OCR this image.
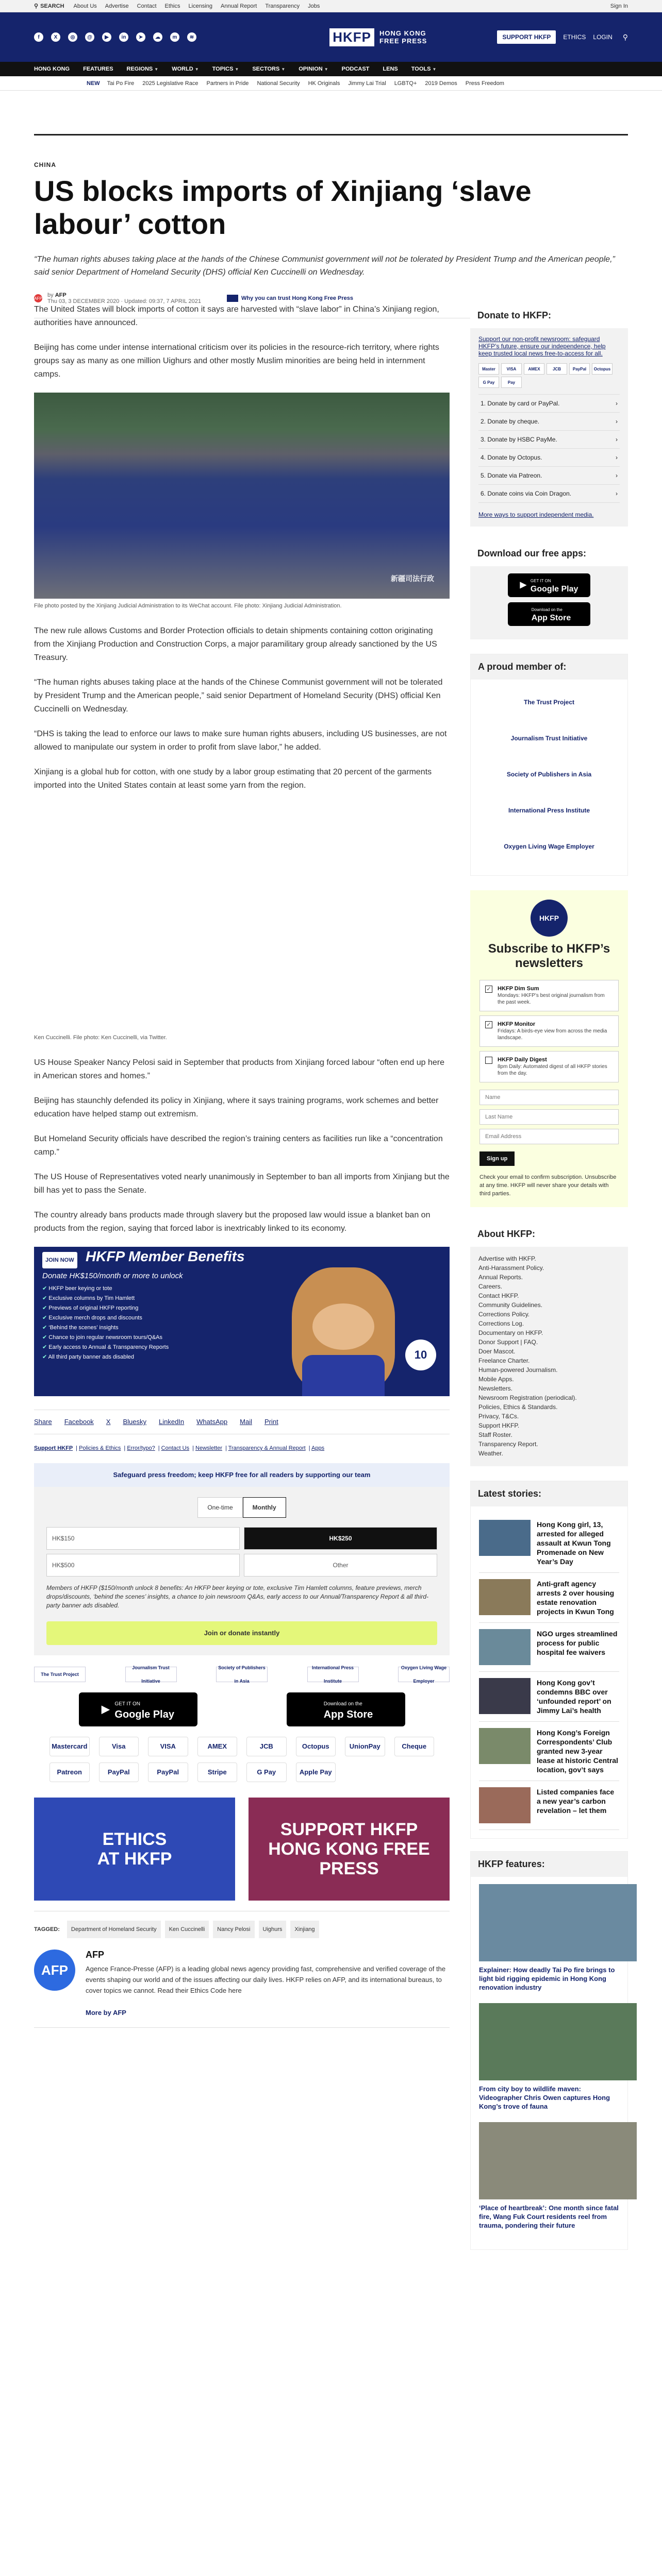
⚲ SEARCH About Us Advertise Contact Ethics Licensing Annual Report Transparency Jobs	Sign In
f	X	◎	@	▶	in	➤	☁	m	≋	HKFP	HONG KONG
FREE PRESS	SUPPORT HKFP	ETHICS LOGIN ⚲
HONG KONG FEATURES REGIONS ▼ WORLD ▼ TOPICS ▼ SECTORS ▼ OPINION ▼ PODCAST LENS TOOLS ▼
NEW Tai Po Fire 2025 Legislative Race Partners in Pride National Security HK Originals Jimmy Lai Trial LGBTQ+ 2019 Demos Press Freedom
CHINA
US blocks imports of Xinjiang ‘slave labour’ cotton

“The human rights abuses taking place at the hands of the Chinese Communist government will not be tolerated by President Trump and the American people,” said senior Department of Homeland Security (DHS) official Ken Cuccinelli on Wednesday.

AFP by AFP
Thu 03, 3 DECEMBER 2020 · Updated: 09:37, 7 APRIL 2021	Why you can trust Hong Kong Free Press

The United States will block imports of cotton it says are harvested with “slave labor” in China’s Xinjiang region, authorities have announced.

Beijing has come under intense international criticism over its policies in the resource-rich territory, where rights groups say as many as one million Uighurs and other mostly Muslim minorities are being held in internment camps.

新疆司法行政
File photo posted by the Xinjiang Judicial Administration to its WeChat account. File photo: Xinjiang Judicial Administration.

The new rule allows Customs and Border Protection officials to detain shipments containing cotton originating from the Xinjiang Production and Construction Corps, a major paramilitary group already sanctioned by the US Treasury.

“The human rights abuses taking place at the hands of the Chinese Communist government will not be tolerated by President Trump and the American people,” said senior Department of Homeland Security (DHS) official Ken Cuccinelli on Wednesday.

“DHS is taking the lead to enforce our laws to make sure human rights abusers, including US businesses, are not allowed to manipulate our system in order to profit from slave labor,” he added.

Xinjiang is a global hub for cotton, with one study by a labor group estimating that 20 percent of the garments imported into the United States contain at least some yarn from the region.

Ken Cuccinelli. File photo: Ken Cuccinelli, via Twitter.

US House Speaker Nancy Pelosi said in September that products from Xinjiang forced labour “often end up here in American stores and homes.”

Beijing has staunchly defended its policy in Xinjiang, where it says training programs, work schemes and better education have helped stamp out extremism.

But Homeland Security officials have described the region’s training centers as facilities run like a “concentration camp.”

The US House of Representatives voted nearly unanimously in September to ban all imports from Xinjiang but the bill has yet to pass the Senate.

The country already bans products made through slavery but the proposed law would issue a blanket ban on products from the region, saying that forced labor is inextricably linked to its economy.

JOIN NOW HKFP Member Benefits
Donate HK$150/month or more to unlock
✔ HKFP beer keying or tote
✔ Exclusive columns by Tim Hamlett
✔ Previews of original HKFP reporting
✔ Exclusive merch drops and discounts
✔ ‘Behind the scenes’ insights
✔ Chance to join regular newsroom tours/Q&As
✔ Early access to Annual & Transparency Reports
✔ All third party banner ads disabled	10
Share Facebook X Bluesky LinkedIn WhatsApp Mail Print
Support HKFP | Policies & Ethics | Error/typo? | Contact Us | Newsletter | Transparency & Annual Report | Apps
Safeguard press freedom; keep HKFP free for all readers by supporting our team
One-time	Monthly
HK$150	HK$250
HK$500	Other

Members of HKFP ($150/month unlock 8 benefits: An HKFP beer keying or tote, exclusive Tim Hamlett columns, feature previews, merch drops/discounts, ‘behind the scenes’ insights, a chance to join newsroom Q&As, early access to our Annual/Transparency Report & all third-party banner ads disabled.

Join or donate instantly
The Trust Project
Journalism Trust Initiative
Society of Publishers in Asia
International Press Institute
Oxygen Living Wage Employer
▶ GET IT ON
Google Play
Download on the
App Store
Mastercard	Visa	VISA	AMEX	JCB	Octopus	UnionPay	Cheque
Patreon	PayPal	PayPal	Stripe	G Pay	Apple Pay
ETHICS
AT HKFP
SUPPORT HKFP
HONG KONG FREE PRESS
TAGGED:	Department of Homeland Security	Ken Cuccinelli	Nancy Pelosi	Uighurs	Xinjiang
AFP
AFP

Agence France-Presse (AFP) is a leading global news agency providing fast, comprehensive and verified coverage of the events shaping our world and of the issues affecting our daily lives. HKFP relies on AFP, and its international bureaus, to cover topics we cannot. Read their Ethics Code here

More by AFP
Donate to HKFP:
Support our non-profit newsroom: safeguard HKFP’s future, ensure our independence, help keep trusted local news free-to-access for all.
Master	VISA	AMEX	JCB	PayPal	Octopus
G Pay	Pay
1. Donate by card or PayPal.	›
2. Donate by cheque.	›
3. Donate by HSBC PayMe.	›
4. Donate by Octopus.	›
5. Donate via Patreon.	›
6. Donate coins via Coin Dragon.	›
More ways to support independent media.
Download our free apps:
▶ GET IT ON
Google Play
Download on the
App Store
A proud member of:
The Trust Project
Journalism Trust Initiative
Society of Publishers in Asia
International Press Institute
Oxygen Living Wage Employer
HKFP
Subscribe to HKFP’s newsletters
✓ HKFP Dim Sum
Mondays: HKFP’s best original journalism from the past week.
✓ HKFP Monitor
Fridays: A birds-eye view from across the media landscape.
HKFP Daily Digest
8pm Daily: Automated digest of all HKFP stories from the day.
Name
Last Name
Email Address
Sign up

Check your email to confirm subscription. Unsubscribe at any time. HKFP will never share your details with third parties.

About HKFP:
Advertise with HKFP.
Anti-Harassment Policy.
Annual Reports.
Careers.
Contact HKFP.
Community Guidelines.
Corrections Policy.
Corrections Log.
Documentary on HKFP.
Donor Support | FAQ.
Doer Mascot.
Freelance Charter.
Human-powered Journalism.
Mobile Apps.
Newsletters.
Newsroom Registration (periodical).
Policies, Ethics & Standards.
Privacy, T&Cs.
Support HKFP.
Staff Roster.
Transparency Report.
Weather.
Latest stories:
Hong Kong girl, 13, arrested for alleged assault at Kwun Tong Promenade on New Year’s Day
Anti-graft agency arrests 2 over housing estate renovation projects in Kwun Tong
NGO urges streamlined process for public hospital fee waivers
Hong Kong gov’t condemns BBC over ‘unfounded report’ on Jimmy Lai’s health
Hong Kong’s Foreign Correspondents’ Club granted new 3-year lease at historic Central location, gov’t says
Listed companies face a new year’s carbon revelation – let them
HKFP features:
Explainer: How deadly Tai Po fire brings to light bid rigging epidemic in Hong Kong renovation industry
From city boy to wildlife maven: Videographer Chris Owen captures Hong Kong’s trove of fauna
‘Place of heartbreak’: One month since fatal fire, Wang Fuk Court residents reel from trauma, pondering their future
